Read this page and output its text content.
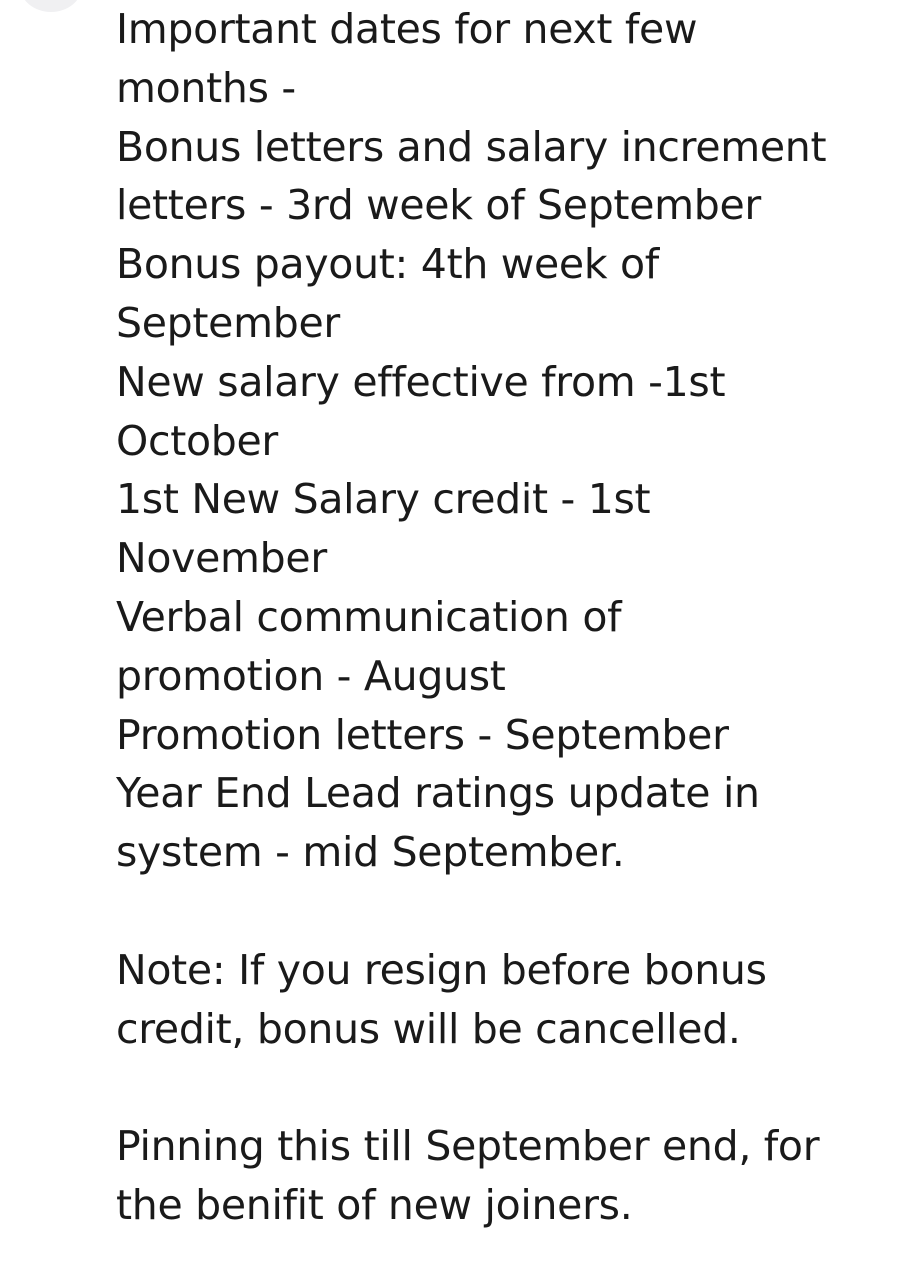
Important dates for next few
months -
Bonus letters and salary increment
letters - 3rd week of September
Bonus payout: 4th week of
September
New salary effective from -1st
October
1st New Salary credit - 1st
November
Verbal communication of
promotion - August
Promotion letters - September
Year End Lead ratings update in
system - mid September.
Note: If you resign before bonus
credit, bonus will be cancelled.
Pinning this till September end, for
the benifit of new joiners.
